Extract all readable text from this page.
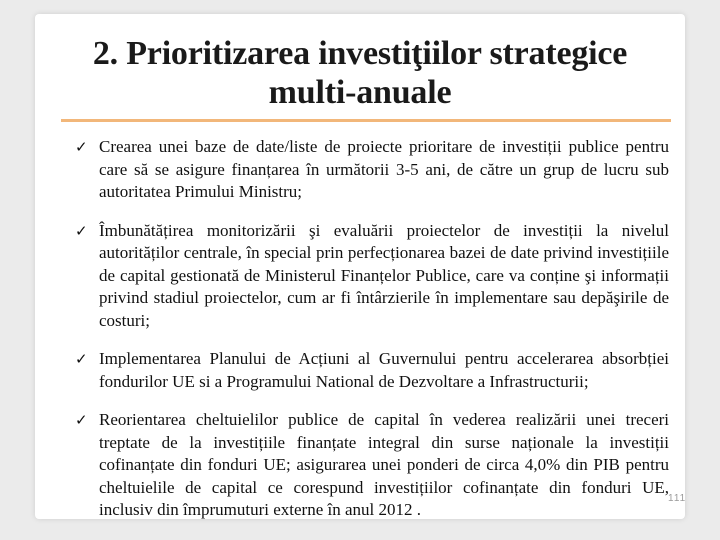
2. Prioritizarea investiţiilor strategice
multi-anuale
✓ Crearea unei baze de date/liste de proiecte prioritare de investiții publice pentru care să se asigure finanțarea în următorii 3-5 ani, de către un grup de lucru sub autoritatea Primului Ministru;
✓ Îmbunătățirea monitorizării şi evaluării proiectelor de investiții la nivelul autorităților centrale, în special prin perfecționarea bazei de date privind investițiile de capital gestionată de Ministerul Finanțelor Publice, care va conține şi informații privind stadiul proiectelor, cum ar fi întârzierile în implementare sau depăşirile de costuri;
✓ Implementarea Planului de Acțiuni al Guvernului pentru accelerarea absorbției fondurilor UE si a Programului National de Dezvoltare a Infrastructurii;
✓ Reorientarea cheltuielilor publice de capital în vederea realizării unei treceri treptate de la investițiile finanțate integral din surse naționale la investiții cofinanțate din fonduri UE; asigurarea unei ponderi de circa 4,0% din PIB pentru cheltuielile de capital ce corespund investițiilor cofinanțate din fonduri UE, inclusiv din împrumuturi externe în anul 2012 .
111
